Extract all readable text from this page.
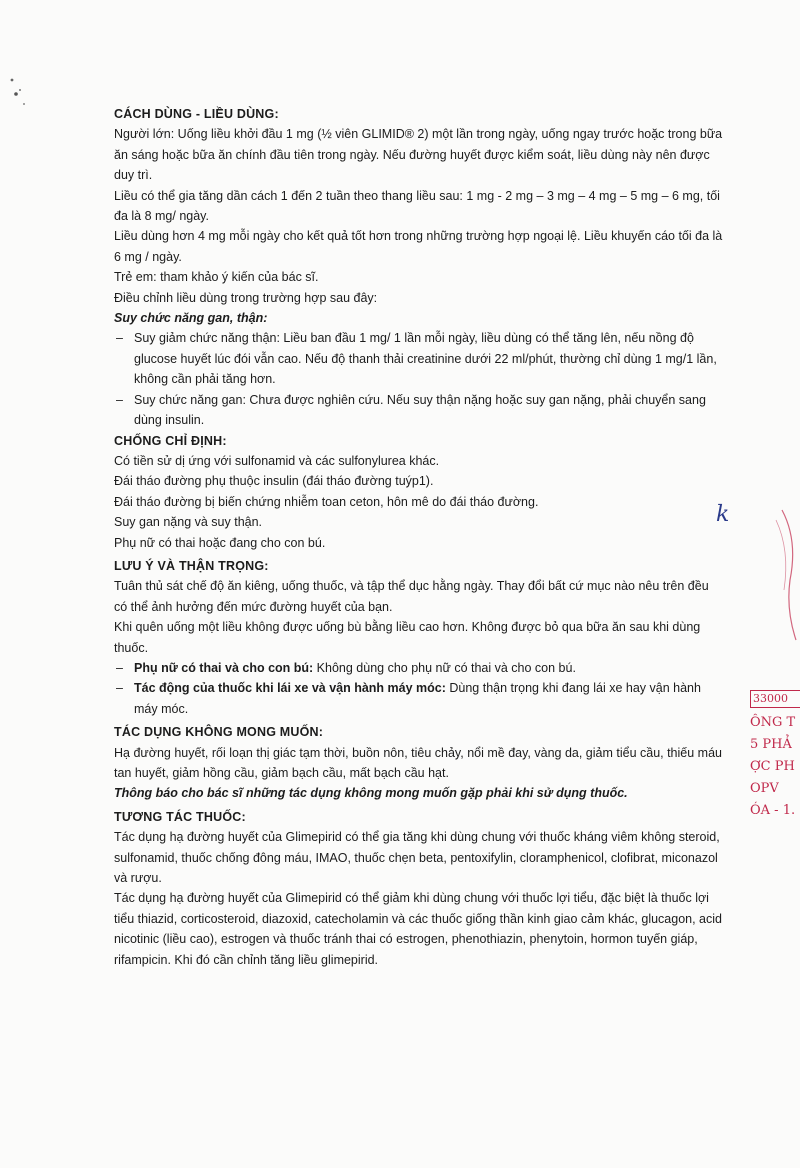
CÁCH DÙNG - LIỀU DÙNG:

Người lớn: Uống liều khởi đầu 1 mg (½ viên GLIMID® 2) một lần trong ngày, uống ngay trước hoặc trong bữa ăn sáng hoặc bữa ăn chính đầu tiên trong ngày. Nếu đường huyết được kiểm soát, liều dùng này nên được duy trì.

Liều có thể gia tăng dần cách 1 đến 2 tuần theo thang liều sau: 1 mg - 2 mg – 3 mg – 4 mg – 5 mg – 6 mg, tối đa là 8 mg/ ngày.

Liều dùng hơn 4 mg mỗi ngày cho kết quả tốt hơn trong những trường hợp ngoại lệ. Liều khuyến cáo tối đa là 6 mg / ngày.

Trẻ em: tham khảo ý kiến của bác sĩ.

Điều chỉnh liều dùng trong trường hợp sau đây:

Suy chức năng gan, thận:

– Suy giảm chức năng thận: Liều ban đầu 1 mg/ 1 lần mỗi ngày, liều dùng có thể tăng lên, nếu nồng độ glucose huyết lúc đói vẫn cao. Nếu độ thanh thải creatinine dưới 22 ml/phút, thường chỉ dùng 1 mg/1 lần, không cần phải tăng hơn.

– Suy chức năng gan: Chưa được nghiên cứu. Nếu suy thận nặng hoặc suy gan nặng, phải chuyển sang dùng insulin.

CHỐNG CHỈ ĐỊNH:

Có tiền sử dị ứng với sulfonamid và các sulfonylurea khác.

Đái tháo đường phụ thuộc insulin (đái tháo đường tuýp1).

Đái tháo đường bị biến chứng nhiễm toan ceton, hôn mê do đái tháo đường.

Suy gan nặng và suy thận.

Phụ nữ có thai hoặc đang cho con bú.

LƯU Ý VÀ THẬN TRỌNG:

Tuân thủ sát chế độ ăn kiêng, uống thuốc, và tập thể dục hằng ngày. Thay đổi bất cứ mục nào nêu trên đều có thể ảnh hưởng đến mức đường huyết của bạn.

Khi quên uống một liều không được uống bù bằng liều cao hơn. Không được bỏ qua bữa ăn sau khi dùng thuốc.

– Phụ nữ có thai và cho con bú: Không dùng cho phụ nữ có thai và cho con bú.

– Tác động của thuốc khi lái xe và vận hành máy móc: Dùng thận trọng khi đang lái xe hay vận hành máy móc.

TÁC DỤNG KHÔNG MONG MUỐN:

Hạ đường huyết, rối loạn thị giác tạm thời, buồn nôn, tiêu chảy, nổi mề đay, vàng da, giảm tiểu cầu, thiếu máu tan huyết, giảm hồng cầu, giảm bạch cầu, mất bạch cầu hạt.

Thông báo cho bác sĩ những tác dụng không mong muốn gặp phải khi sử dụng thuốc.

TƯƠNG TÁC THUỐC:

Tác dụng hạ đường huyết của Glimepirid có thể gia tăng khi dùng chung với thuốc kháng viêm không steroid, sulfonamid, thuốc chống đông máu, IMAO, thuốc chẹn beta, pentoxifylin, cloramphenicol, clofibrat, miconazol và rượu.

Tác dụng hạ đường huyết của Glimepirid có thể giảm khi dùng chung với thuốc lợi tiểu, đặc biệt là thuốc lợi tiểu thiazid, corticosteroid, diazoxid, catecholamin và các thuốc giống thần kinh giao cảm khác, glucagon, acid nicotinic (liều cao), estrogen và thuốc tránh thai có estrogen, phenothiazin, phenytoin, hormon tuyến giáp, rifampicin. Khi đó cần chỉnh tăng liều glimepirid.

k
33000
ÔNG T
5 PHẢ
ỢC PH
OPV
ÓA - 1.
